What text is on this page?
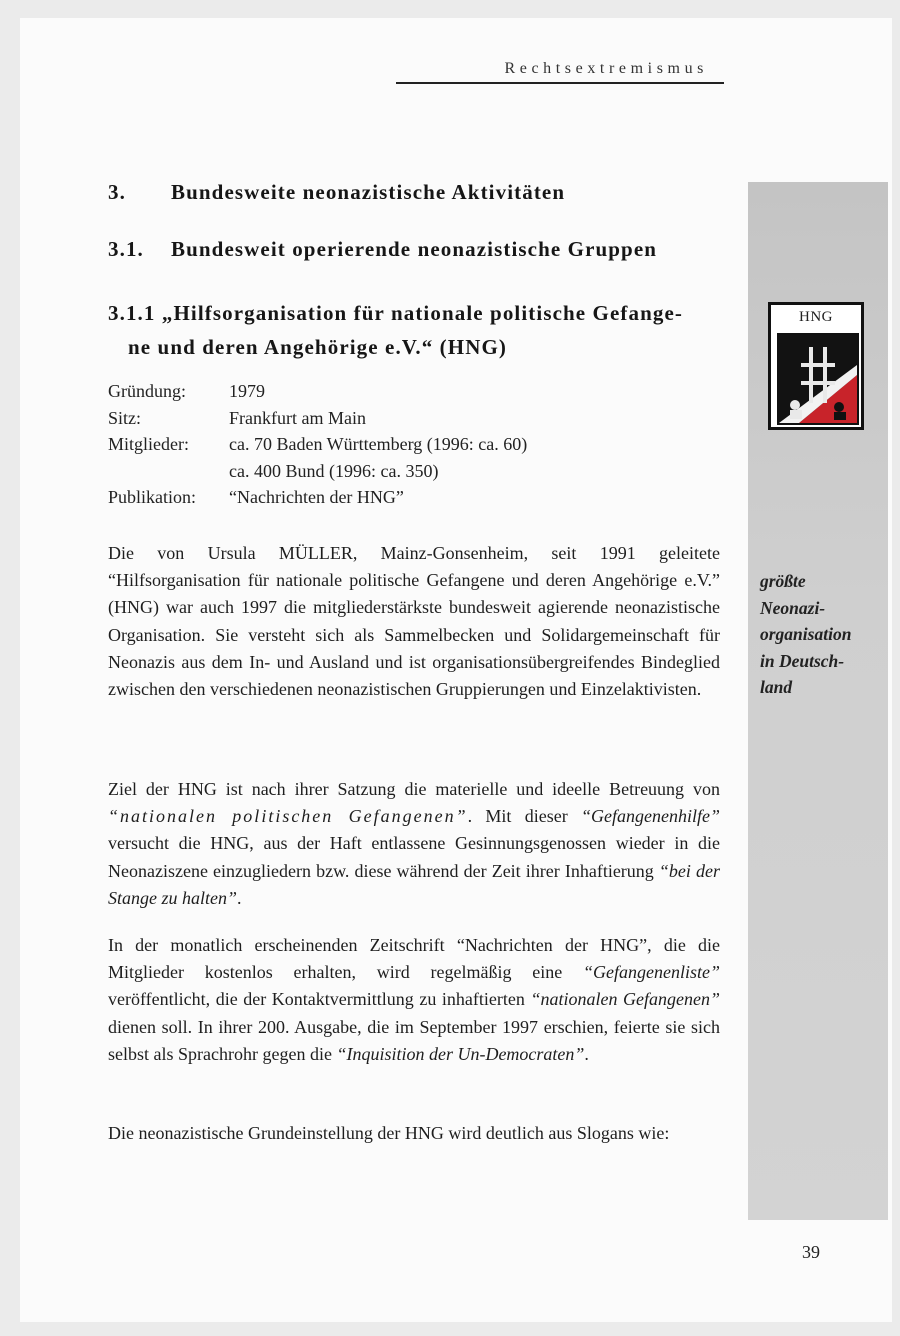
Rechtsextremismus
3. Bundesweite neonazistische Aktivitäten
3.1. Bundesweit operierende neonazistische Gruppen
3.1.1 „Hilfsorganisation für nationale politische Gefange-
ne und deren Angehörige e.V.“ (HNG)
Gründung:	1979
Sitz:	Frankfurt am Main
Mitglieder:	ca. 70 Baden Württemberg (1996: ca. 60)
ca. 400 Bund (1996: ca. 350)
Publikation:	“Nachrichten der HNG”

Die von Ursula MÜLLER, Mainz-Gonsenheim, seit 1991 geleitete “Hilfsorganisation für nationale politische Gefangene und deren Angehörige e.V.” (HNG) war auch 1997 die mitgliederstärkste bundesweit agierende neonazistische Organisation. Sie versteht sich als Sammelbecken und Solidargemeinschaft für Neonazis aus dem In- und Ausland und ist organisationsübergreifendes Bindeglied zwischen den verschiedenen neonazistischen Gruppierungen und Einzelaktivisten.

Ziel der HNG ist nach ihrer Satzung die materielle und ideelle Betreuung von “nationalen politischen Gefangenen”. Mit dieser “Gefangenenhilfe” versucht die HNG, aus der Haft entlassene Gesinnungsgenossen wieder in die Neonaziszene einzugliedern bzw. diese während der Zeit ihrer Inhaftierung “bei der Stange zu halten”.

In der monatlich erscheinenden Zeitschrift “Nachrichten der HNG”, die die Mitglieder kostenlos erhalten, wird regelmäßig eine “Gefangenenliste” veröffentlicht, die der Kontaktvermittlung zu inhaftierten “nationalen Gefangenen” dienen soll. In ihrer 200. Ausgabe, die im September 1997 erschien, feierte sie sich selbst als Sprachrohr gegen die “Inquisition der Un-Democraten”.

Die neonazistische Grundeinstellung der HNG wird deutlich aus Slogans wie:

HNG
größte
Neonazi-
organisation
in Deutsch-
land
39
